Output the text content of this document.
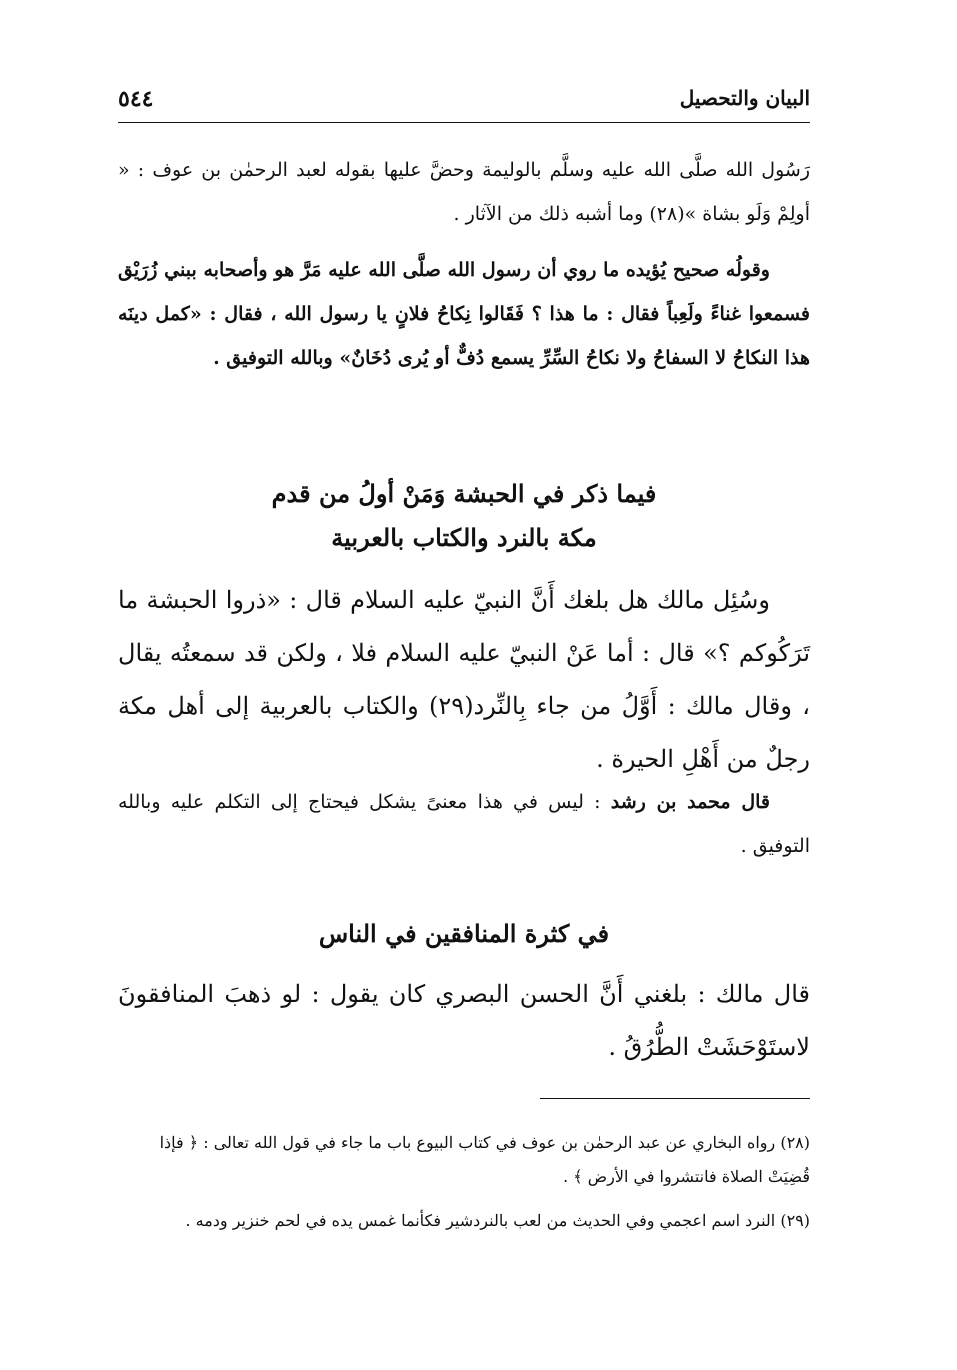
البيان والتحصيل
٥٤٤
رَسُول الله صلَّى الله عليه وسلَّم بالوليمة وحضَّ عليها بقوله لعبد الرحمٰن بن عوف : « أولِمْ وَلَو بشاة »(٢٨) وما أشبه ذلك من الآثار .
وقولُه صحيح يُؤيده ما روي أن رسول الله صلَّى الله عليه مَرَّ هو وأصحابه ببني زُرَيْق فسمعوا غناءً ولَعِباً فقال : ما هذا ؟ فَقَالوا نِكاحُ فلانٍ يا رسول الله ، فقال : «كمل دينَه هذا النكاحُ لا السفاحُ ولا نكاحُ السِّرِّ يسمع دُفٌّ أو يُرى دُخَانٌ» وبالله التوفيق .
فيما ذكر في الحبشة وَمَنْ أولُ من قدم
مكة بالنرد والكتاب بالعربية
وسُئِل مالك هل بلغك أَنَّ النبيّ عليه السلام قال : «ذروا الحبشة ما تَرَكُوكم ؟» قال : أما عَنْ النبيّ عليه السلام فلا ، ولكن قد سمعتُه يقال ، وقال مالك : أَوَّلُ من جاء بِالنِّرد(٢٩) والكتاب بالعربية إلى أهل مكة رجلٌ من أَهْلِ الحيرة .
قال محمد بن رشد : ليس في هذا معنىً يشكل فيحتاج إلى التكلم عليه وبالله التوفيق .
في كثرة المنافقين في الناس
قال مالك : بلغني أَنَّ الحسن البصري كان يقول : لو ذهبَ المنافقونَ لاستَوْحَشَتْ الطُّرُقُ .
(٢٨) رواه البخاري عن عبد الرحمٰن بن عوف في كتاب البيوع باب ما جاء في قول الله تعالى : ﴿ فإذا قُضِيَتْ الصلاة فانتشروا في الأرض ﴾ .
(٢٩) النرد اسم اعجمي وفي الحديث من لعب بالنردشير فكأنما غمس يده في لحم خنزير ودمه .
